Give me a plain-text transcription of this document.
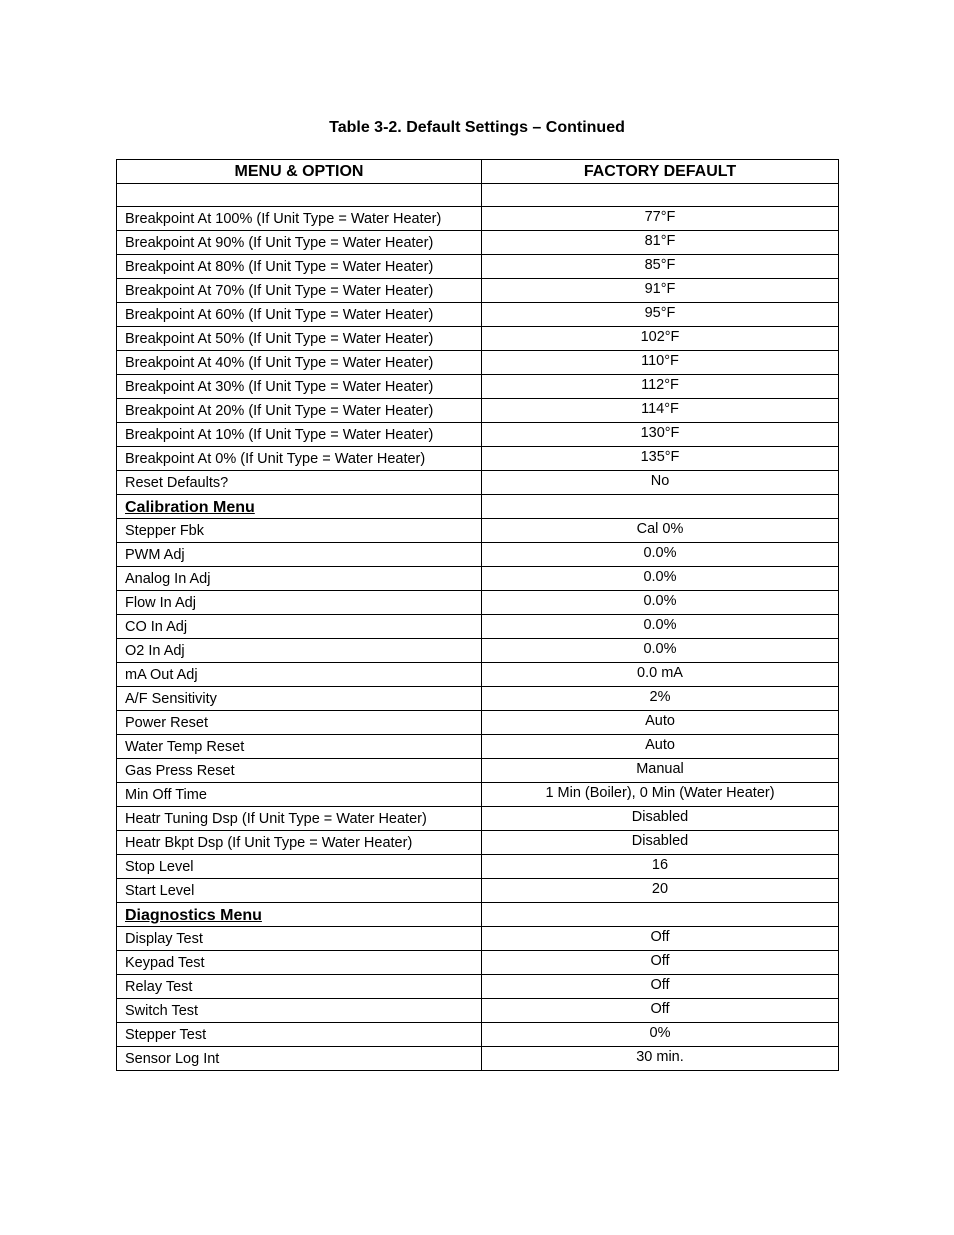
Table 3-2. Default Settings – Continued
MENU & OPTION	FACTORY DEFAULT

Breakpoint At 100% (If Unit Type = Water Heater)	77°F
Breakpoint At 90% (If Unit Type = Water Heater)	81°F
Breakpoint At 80% (If Unit Type = Water Heater)	85°F
Breakpoint At 70% (If Unit Type = Water Heater)	91°F
Breakpoint At 60% (If Unit Type = Water Heater)	95°F
Breakpoint At 50% (If Unit Type = Water Heater)	102°F
Breakpoint At 40% (If Unit Type = Water Heater)	110°F
Breakpoint At 30% (If Unit Type = Water Heater)	112°F
Breakpoint At 20% (If Unit Type = Water Heater)	114°F
Breakpoint At 10% (If Unit Type = Water Heater)	130°F
Breakpoint At 0% (If Unit Type = Water Heater)	135°F
Reset Defaults?	No
Calibration Menu	
Stepper Fbk	Cal 0%
PWM Adj	0.0%
Analog In Adj	0.0%
Flow In Adj	0.0%
CO In Adj	0.0%
O2 In Adj	0.0%
mA Out Adj	0.0 mA
A/F Sensitivity	2%
Power Reset	Auto
Water Temp Reset	Auto
Gas Press Reset	Manual
Min Off Time	1 Min (Boiler), 0 Min (Water Heater)
Heatr Tuning Dsp (If Unit Type = Water Heater)	Disabled
Heatr Bkpt Dsp (If Unit Type = Water Heater)	Disabled
Stop Level	16
Start Level	20
Diagnostics Menu	
Display Test	Off
Keypad Test	Off
Relay Test	Off
Switch Test	Off
Stepper Test	0%
Sensor Log Int	30 min.
